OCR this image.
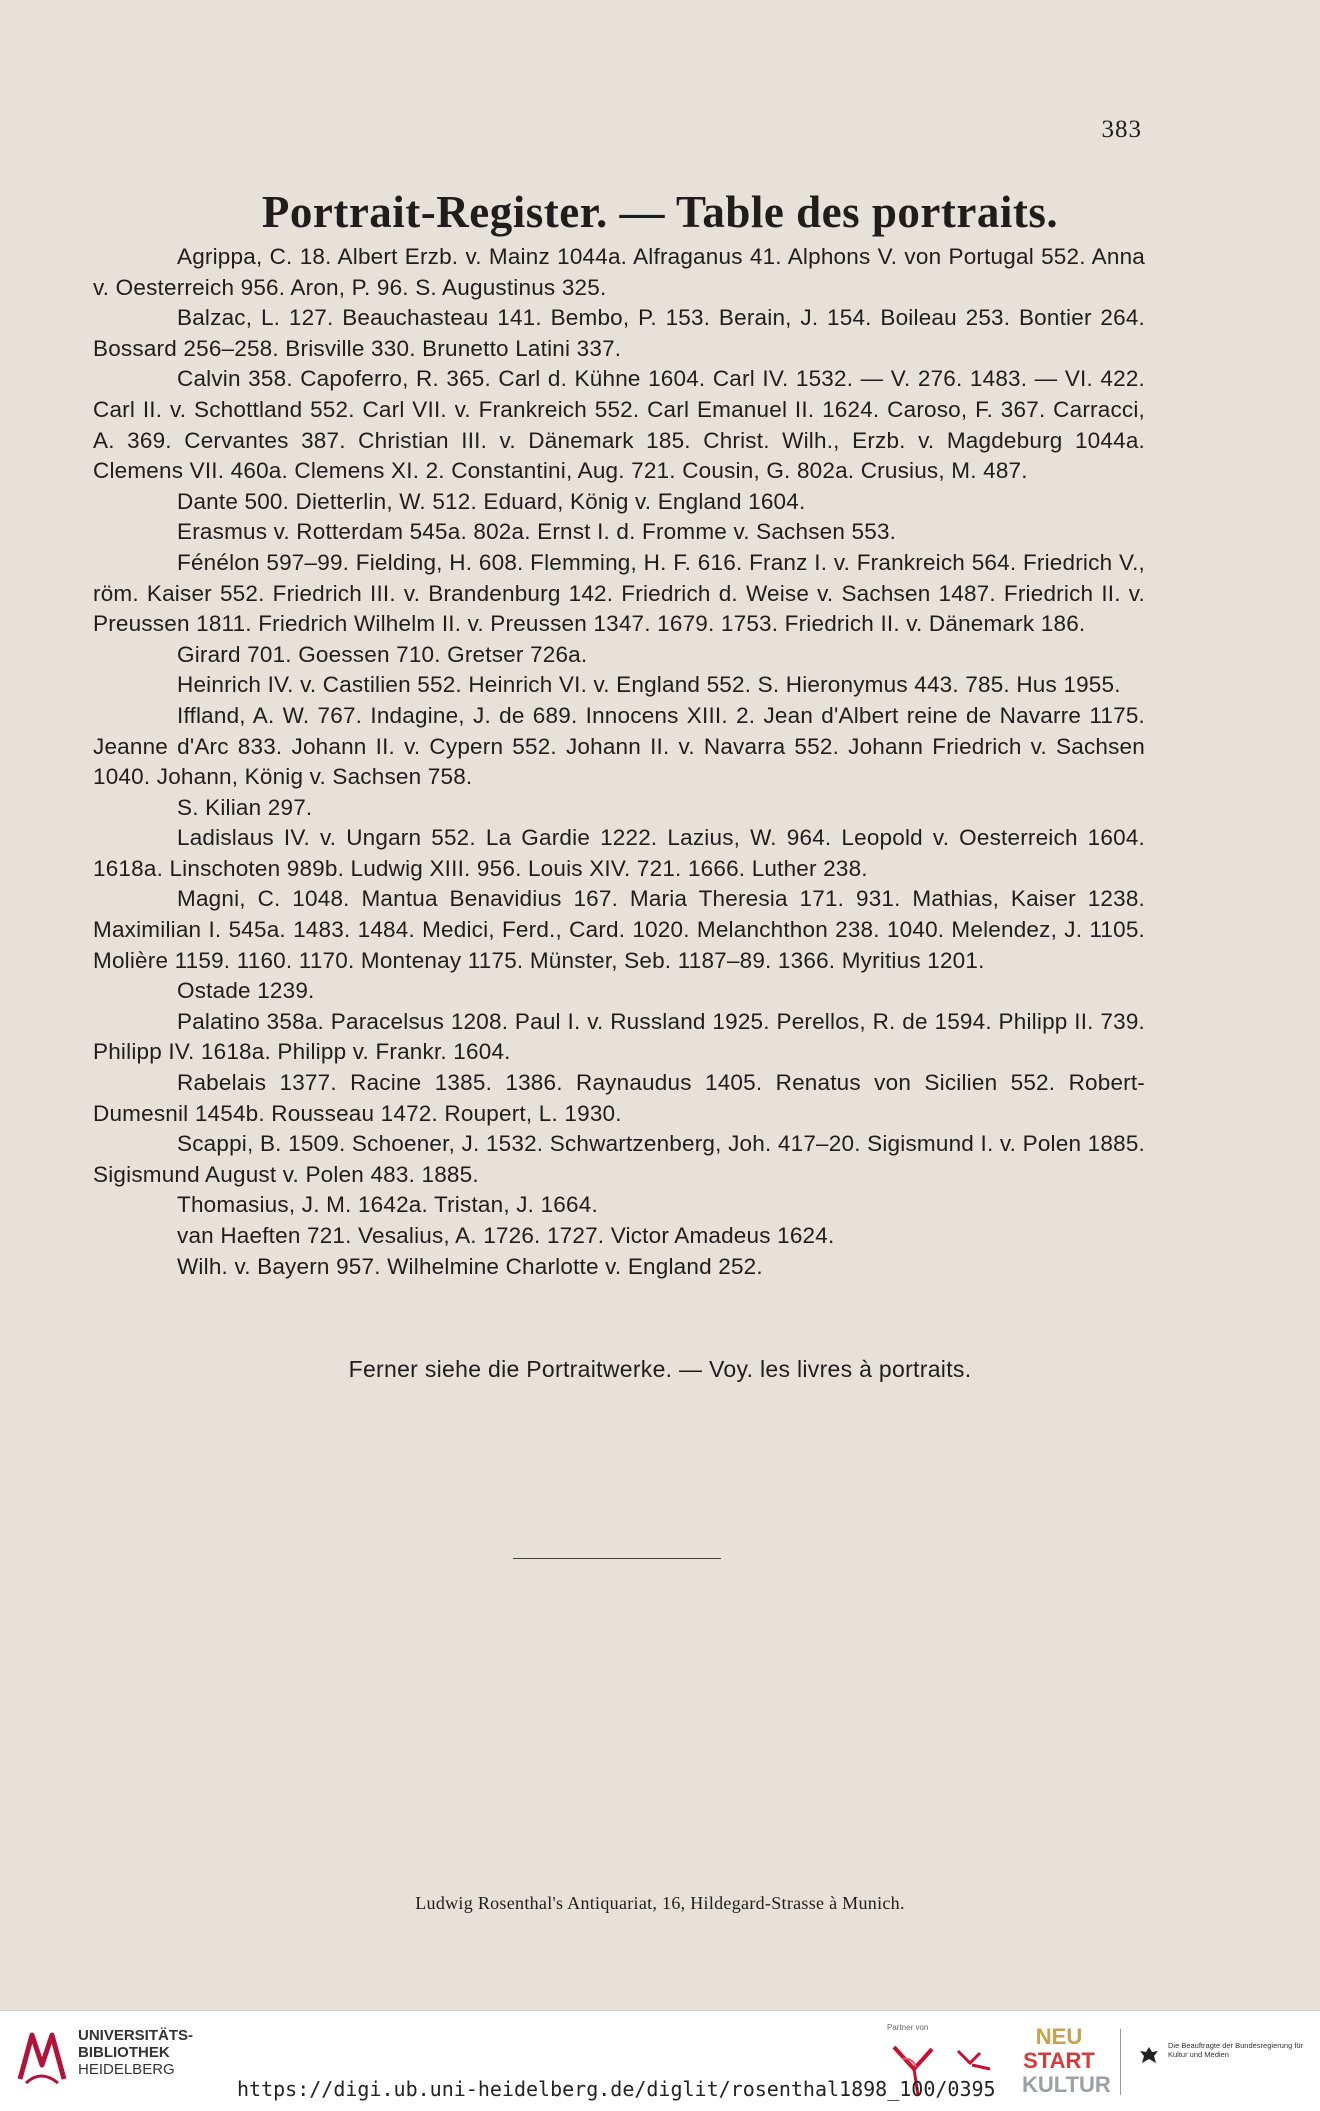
383
Portrait-Register. — Table des portraits.

Agrippa, C. 18. Albert Erzb. v. Mainz 1044a. Alfraganus 41. Alphons V. von Portugal 552. Anna v. Oesterreich 956. Aron, P. 96. S. Augustinus 325.

Balzac, L. 127. Beauchasteau 141. Bembo, P. 153. Berain, J. 154. Boileau 253. Bontier 264. Bossard 256–258. Brisville 330. Brunetto Latini 337.

Calvin 358. Capoferro, R. 365. Carl d. Kühne 1604. Carl IV. 1532. — V. 276. 1483. — VI. 422. Carl II. v. Schottland 552. Carl VII. v. Frankreich 552. Carl Emanuel II. 1624. Caroso, F. 367. Carracci, A. 369. Cervantes 387. Christian III. v. Dänemark 185. Christ. Wilh., Erzb. v. Magdeburg 1044a. Clemens VII. 460a. Clemens XI. 2. Constantini, Aug. 721. Cousin, G. 802a. Crusius, M. 487.

Dante 500. Dietterlin, W. 512. Eduard, König v. England 1604.

Erasmus v. Rotterdam 545a. 802a. Ernst I. d. Fromme v. Sachsen 553.

Fénélon 597–99. Fielding, H. 608. Flemming, H. F. 616. Franz I. v. Frankreich 564. Friedrich V., röm. Kaiser 552. Friedrich III. v. Brandenburg 142. Friedrich d. Weise v. Sachsen 1487. Friedrich II. v. Preussen 1811. Friedrich Wilhelm II. v. Preussen 1347. 1679. 1753. Friedrich II. v. Dänemark 186.

Girard 701. Goessen 710. Gretser 726a.

Heinrich IV. v. Castilien 552. Heinrich VI. v. England 552. S. Hieronymus 443. 785. Hus 1955.

Iffland, A. W. 767. Indagine, J. de 689. Innocens XIII. 2. Jean d'Albert reine de Navarre 1175. Jeanne d'Arc 833. Johann II. v. Cypern 552. Johann II. v. Navarra 552. Johann Friedrich v. Sachsen 1040. Johann, König v. Sachsen 758.

S. Kilian 297.

Ladislaus IV. v. Ungarn 552. La Gardie 1222. Lazius, W. 964. Leopold v. Oesterreich 1604. 1618a. Linschoten 989b. Ludwig XIII. 956. Louis XIV. 721. 1666. Luther 238.

Magni, C. 1048. Mantua Benavidius 167. Maria Theresia 171. 931. Mathias, Kaiser 1238. Maximilian I. 545a. 1483. 1484. Medici, Ferd., Card. 1020. Melanchthon 238. 1040. Melendez, J. 1105. Molière 1159. 1160. 1170. Montenay 1175. Münster, Seb. 1187–89. 1366. Myritius 1201.

Ostade 1239.

Palatino 358a. Paracelsus 1208. Paul I. v. Russland 1925. Perellos, R. de 1594. Philipp II. 739. Philipp IV. 1618a. Philipp v. Frankr. 1604.

Rabelais 1377. Racine 1385. 1386. Raynaudus 1405. Renatus von Sicilien 552. Robert-Dumesnil 1454b. Rousseau 1472. Roupert, L. 1930.

Scappi, B. 1509. Schoener, J. 1532. Schwartzenberg, Joh. 417–20. Sigismund I. v. Polen 1885. Sigismund August v. Polen 483. 1885.

Thomasius, J. M. 1642a. Tristan, J. 1664.

van Haeften 721. Vesalius, A. 1726. 1727. Victor Amadeus 1624.

Wilh. v. Bayern 957. Wilhelmine Charlotte v. England 252.

Ferner siehe die Portraitwerke. — Voy. les livres à portraits.
Ludwig Rosenthal's Antiquariat, 16, Hildegard-Strasse à Munich.
UNIVERSITÄTS-
BIBLIOTHEK
HEIDELBERG
Partner von	NEU
START
KULTUR
Die Beauftragte der Bundesregierung für Kultur und Medien
https://digi.ub.uni-heidelberg.de/diglit/rosenthal1898_100/0395
